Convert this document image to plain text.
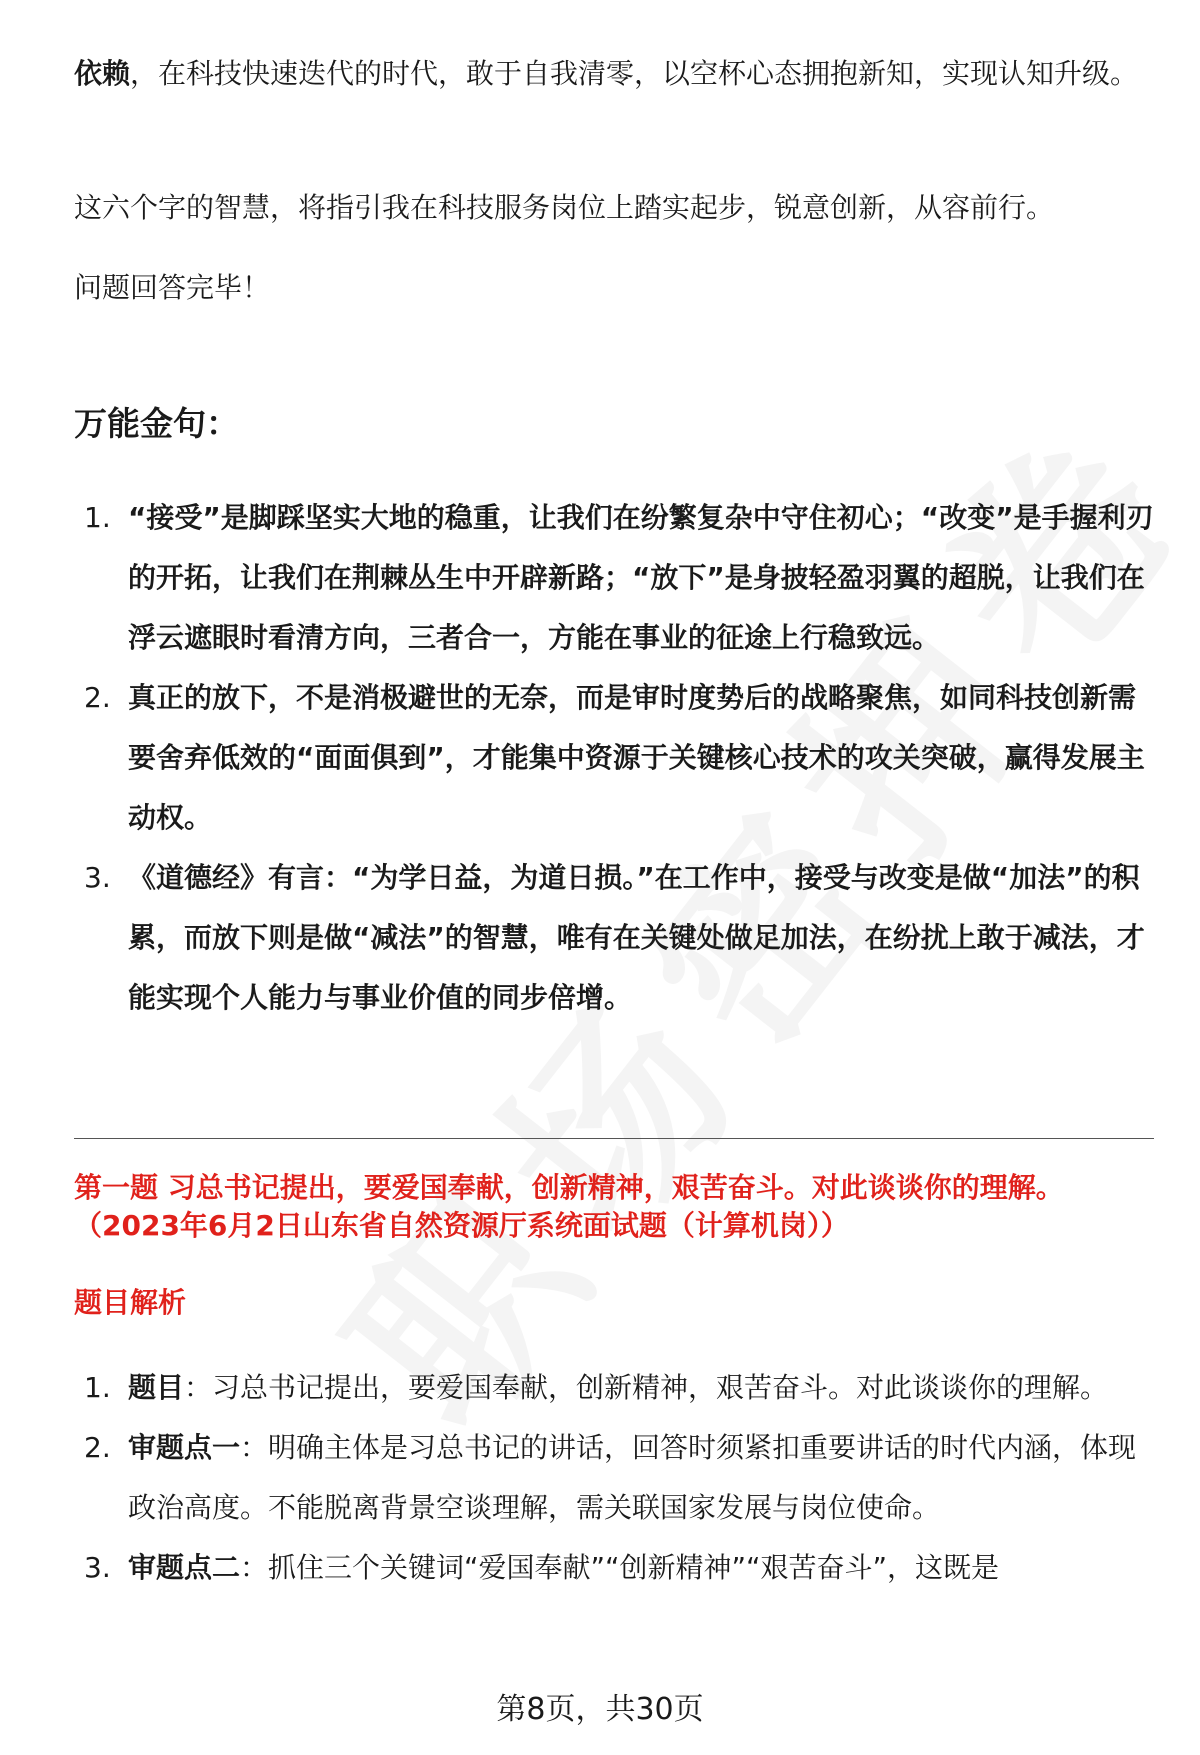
依赖，在科技快速迭代的时代，敢于自我清零，以空杯心态拥抱新知，实现认知升级。

这六个字的智慧，将指引我在科技服务岗位上踏实起步，锐意创新，从容前行。

问题回答完毕！

万能金句：
1. “接受”是脚踩坚实大地的稳重，让我们在纷繁复杂中守住初心；“改变”是手握利刃的开拓，让我们在荆棘丛生中开辟新路；“放下”是身披轻盈羽翼的超脱，让我们在浮云遮眼时看清方向，三者合一，方能在事业的征途上行稳致远。
2. 真正的放下，不是消极避世的无奈，而是审时度势后的战略聚焦，如同科技创新需要舍弃低效的“面面俱到”，才能集中资源于关键核心技术的攻关突破，赢得发展主动权。
3. 《道德经》有言：“为学日益，为道日损。”在工作中，接受与改变是做“加法”的积累，而放下则是做“减法”的智慧，唯有在关键处做足加法，在纷扰上敢于减法，才能实现个人能力与事业价值的同步倍增。

第一题 习总书记提出，要爱国奉献，创新精神，艰苦奋斗。对此谈谈你的理解。（2023年6月2日山东省自然资源厅系统面试题（计算机岗））

题目解析

1. 题目：习总书记提出，要爱国奉献，创新精神，艰苦奋斗。对此谈谈你的理解。
2. 审题点一：明确主体是习总书记的讲话，回答时须紧扣重要讲话的时代内涵，体现政治高度。不能脱离背景空谈理解，需关联国家发展与岗位使命。
3. 审题点二：抓住三个关键词“爱国奉献”“创新精神”“艰苦奋斗”，这既是
第8页，共30页
